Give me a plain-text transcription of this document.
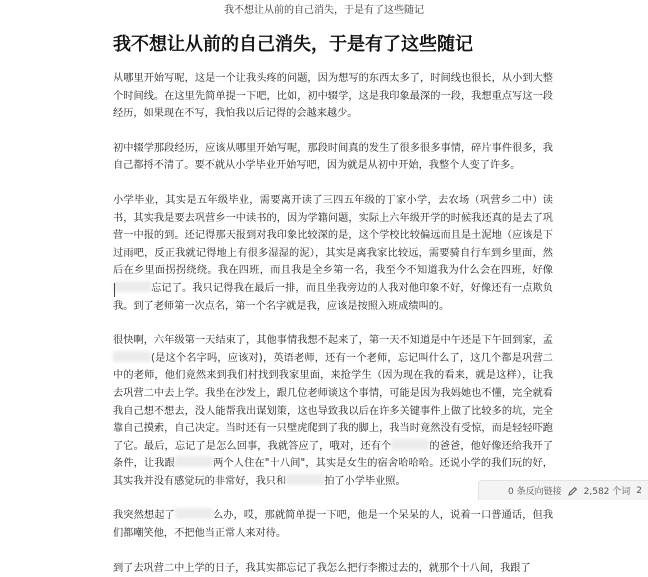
我不想让从前的自己消失，于是有了这些随记
我不想让从前的自己消失，于是有了这些随记

从哪里开始写呢，这是一个让我头疼的问题，因为想写的东西太多了，时间线也很长，从小到大整个时间线。在这里先简单提一下吧，比如，初中辍学，这是我印象最深的一段，我想重点写这一段经历，如果现在不写，我怕我以后记得的会越来越少。

初中辍学那段经历，应该从哪里开始写呢，那段时间真的发生了很多很多事情，碎片事件很多，我自己都捋不清了。要不就从小学毕业开始写吧，因为就是从初中开始，我整个人变了许多。

小学毕业，其实是五年级毕业，需要离开读了三四五年级的丁家小学，去农场（巩营乡二中）读书，其实我是要去巩营乡一中读书的，因为学籍问题，实际上六年级开学的时候我还真的是去了巩营一中报的到。还记得那天报到对我印象比较深的是，这个学校比较偏远而且是土泥地（应该是下过雨吧，反正我就记得地上有很多湿湿的泥），其实是离我家比较远，需要骑自行车到乡里面，然后在乡里面拐拐绕绕。我在四班，而且我是全乡第一名，我至今不知道我为什么会在四班，好像忘记了。我只记得我在最后一排，而且坐我旁边的人我对他印象不好，好像还有一点欺负我。到了老师第一次点名，第一个名字就是我，应该是按照入班成绩叫的。

很快啊，六年级第一天结束了，其他事情我想不起来了，第一天不知道是中午还是下午回到家，孟(是这个名字吗，应该对)，英语老师，还有一个老师，忘记叫什么了，这几个都是巩营二中的老师，他们竟然来到我们村找到我家里面，来抢学生（因为现在我的看来，就是这样），让我去巩营二中去上学。我坐在沙发上，跟几位老师谈这个事情，可能是因为我妈她也不懂，完全就看我自己想不想去，没人能帮我出谋划策，这也导致我以后在许多关键事件上做了比较多的坑，完全靠自己摸索，自己决定。当时还有一只壁虎爬到了我的脚上，我当时竟然没有受惊，而是轻轻吓跑了它。最后，忘记了是怎么回事，我就答应了，哦对，还有个	的爸爸，他好像还给我开了条件，让我跟	两个人住在"十八间"，其实是女生的宿舍哈哈哈。还说小学的我们玩的好，其实我并没有感觉玩的非常好，我只和	拍了小学毕业照。

我突然想起了	么办，哎，那就简单提一下吧，他是一个呆呆的人，说着一口普通话，但我们都嘲笑他，不把他当正常人来对待。

到了去巩营二中上学的日子，我其实都忘记了我怎么把行李搬过去的，就那个十八间，我跟了

0 条反向链接 2,582 个词 2
